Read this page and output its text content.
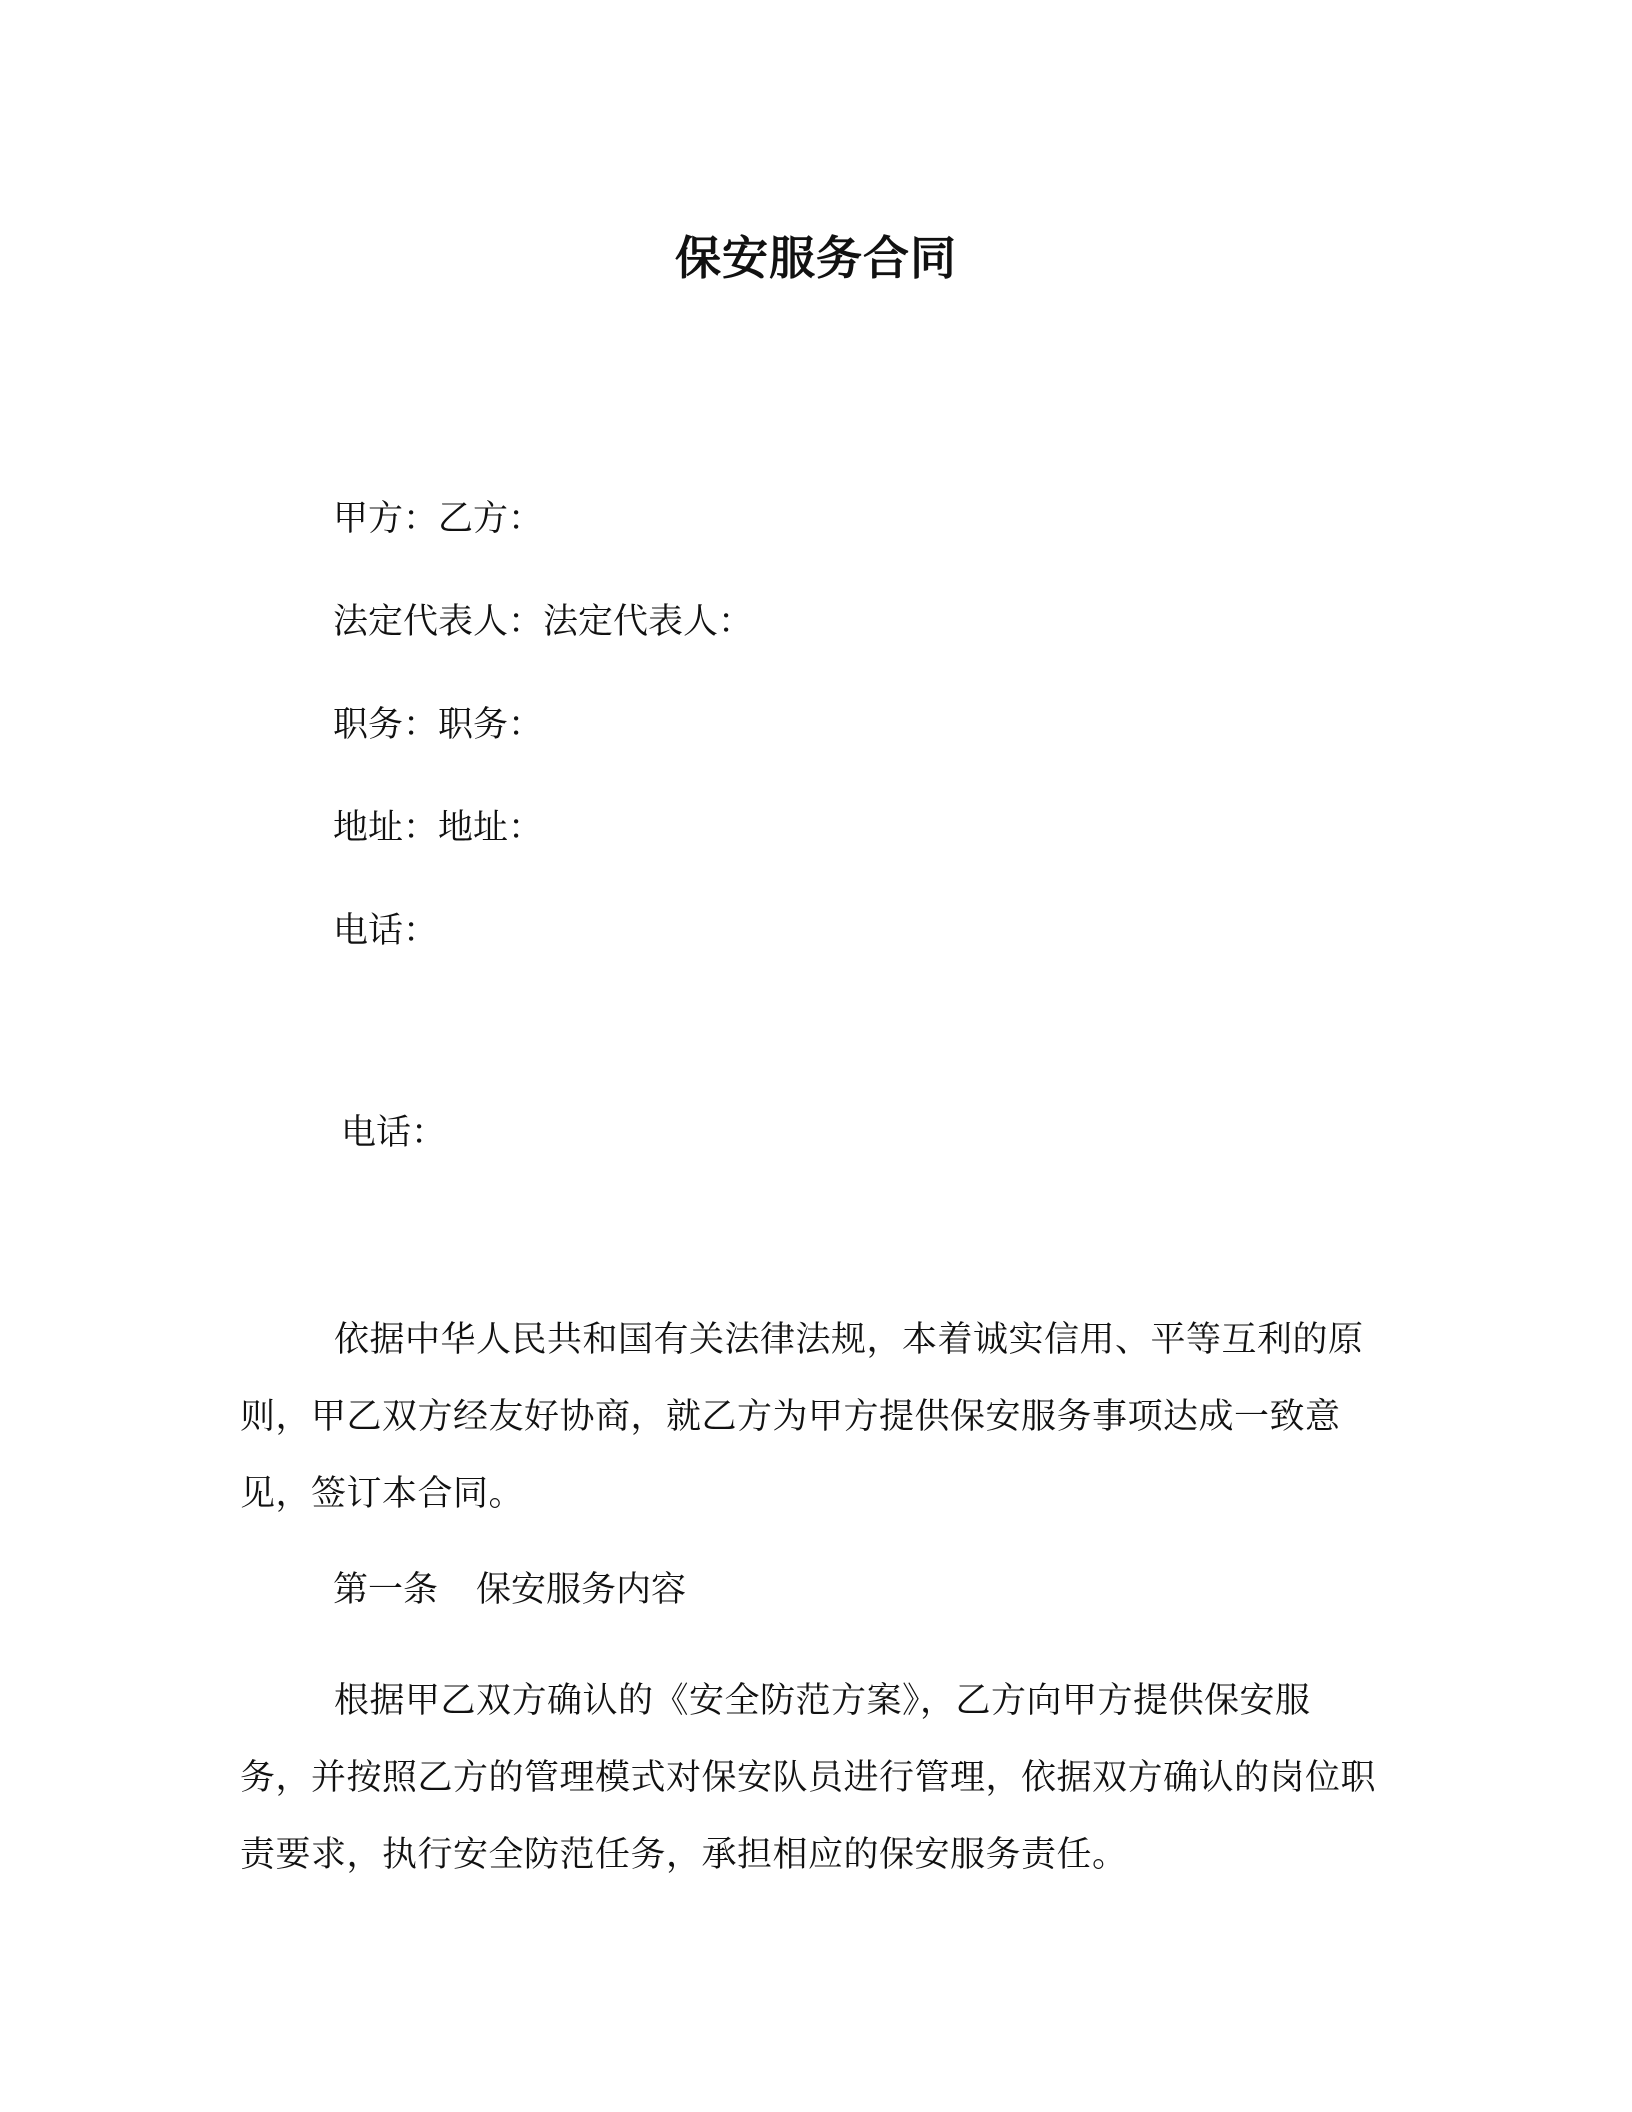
保安服务合同

甲方：乙方：

法定代表人：法定代表人：

职务：职务：

地址：地址：

电话：

电话：

依据中华人民共和国有关法律法规，本着诚实信用、平等互利的原则，甲乙双方经友好协商，就乙方为甲方提供保安服务事项达成一致意见，签订本合同。

第一条 保安服务内容

根据甲乙双方确认的《安全防范方案》，乙方向甲方提供保安服务，并按照乙方的管理模式对保安队员进行管理，依据双方确认的岗位职责要求，执行安全防范任务，承担相应的保安服务责任。
